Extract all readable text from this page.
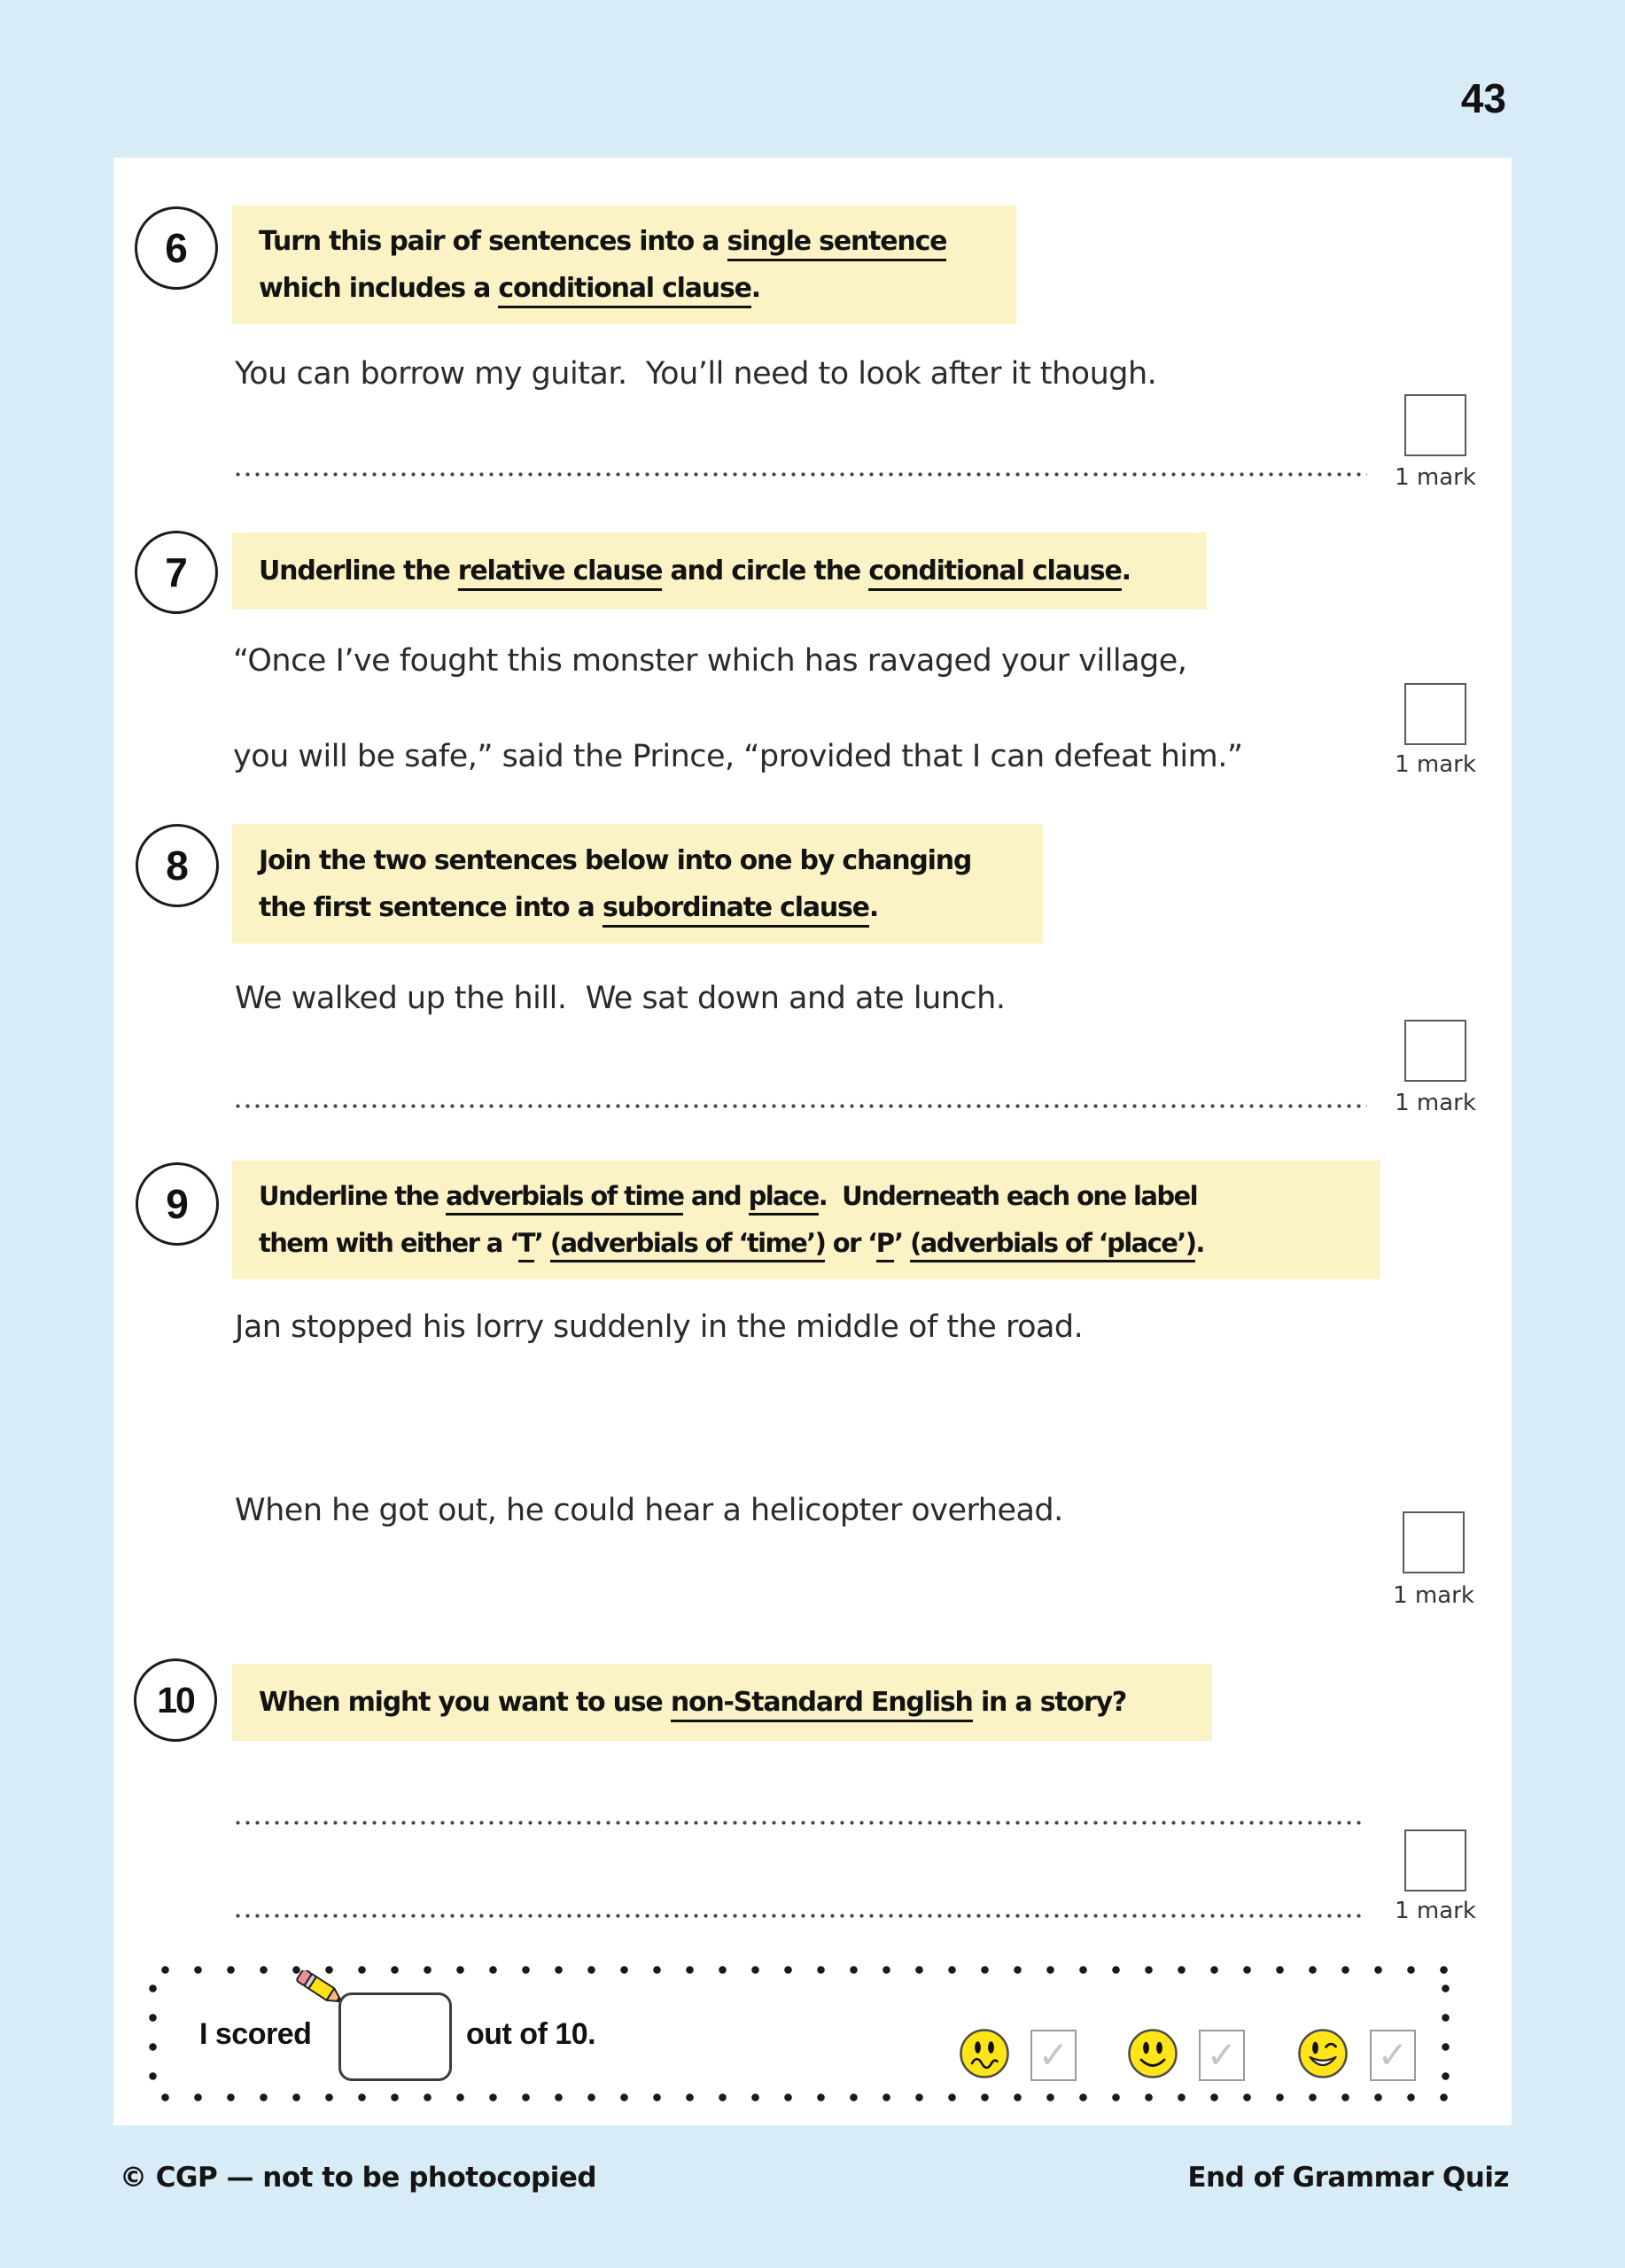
43
6	Turn this pair of sentences into a single sentence
which includes a conditional clause.
You can borrow my guitar.  You’ll need to look after it though.
1 mark
7	Underline the relative clause and circle the conditional clause.
“Once I’ve fought this monster which has ravaged your village,
you will be safe,” said the Prince, “provided that I can defeat him.”	1 mark
8	Join the two sentences below into one by changing
the first sentence into a subordinate clause.
We walked up the hill.  We sat down and ate lunch.
1 mark
9	Underline the adverbials of time and place.  Underneath each one label
them with either a ‘T’ (adverbials of ‘time’) or ‘P’ (adverbials of ‘place’).
Jan stopped his lorry suddenly in the middle of the road.
When he got out, he could hear a helicopter overhead.
1 mark
10 When might you want to use non-Standard English in a story?
1 mark
I scored	out of 10.	✓	✓	✓
© CGP — not to be photocopied	End of Grammar Quiz
